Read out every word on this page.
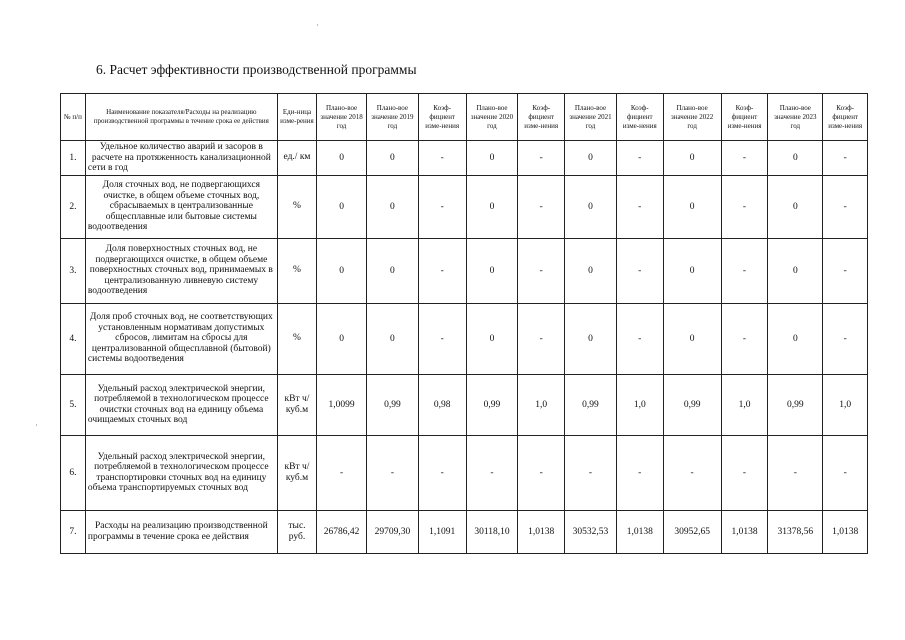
6. Расчет эффективности производственной программы
№ п/п	Наименование показателя/Расходы на реализацию производственной программы в течение срока ее действия	Еди-ница изме-рения	Плано-вое значение 2018 год	Плано-вое значение 2019 год	Коэф-фициент изме-нения	Плано-вое значение 2020 год	Коэф-фициент изме-нения	Плано-вое значение 2021 год	Коэф-фициент изме-нения	Плано-вое значение 2022 год	Коэф-фициент изме-нения	Плано-вое значение 2023 год	Коэф-фициент изме-нения
1.	Удельное количество аварий и засоров в расчете на протяженность канализационной сети в год	ед./ км	0	0	-	0	-	0	-	0	-	0	-
2.	Доля сточных вод, не подвергающихся очистке, в общем объеме сточных вод, сбрасываемых в централизованные общесплавные или бытовые системы водоотведения	%	0	0	-	0	-	0	-	0	-	0	-
3.	Доля поверхностных сточных вод, не подвергающихся очистке, в общем объеме поверхностных сточных вод, принимаемых в централизованную ливневую систему водоотведения	%	0	0	-	0	-	0	-	0	-	0	-
4.	Доля проб сточных вод, не соответствующих установленным нормативам допустимых сбросов, лимитам на сбросы для централизованной общесплавной (бытовой) системы водоотведения	%	0	0	-	0	-	0	-	0	-	0	-
5.	Удельный расход электрической энергии, потребляемой в технологическом процессе очистки сточных вод на единицу объема очищаемых сточных вод	кВт ч/куб.м	1,0099	0,99	0,98	0,99	1,0	0,99	1,0	0,99	1,0	0,99	1,0
6.	Удельный расход электрической энергии, потребляемой в технологическом процессе транспортировки сточных вод на единицу объема транспортируемых сточных вод	кВт ч/куб.м	-	-	-	-	-	-	-	-	-	-	-
7.	Расходы на реализацию производственной программы в течение срока ее действия	тыс. руб.	26786,42	29709,30	1,1091	30118,10	1,0138	30532,53	1,0138	30952,65	1,0138	31378,56	1,0138
